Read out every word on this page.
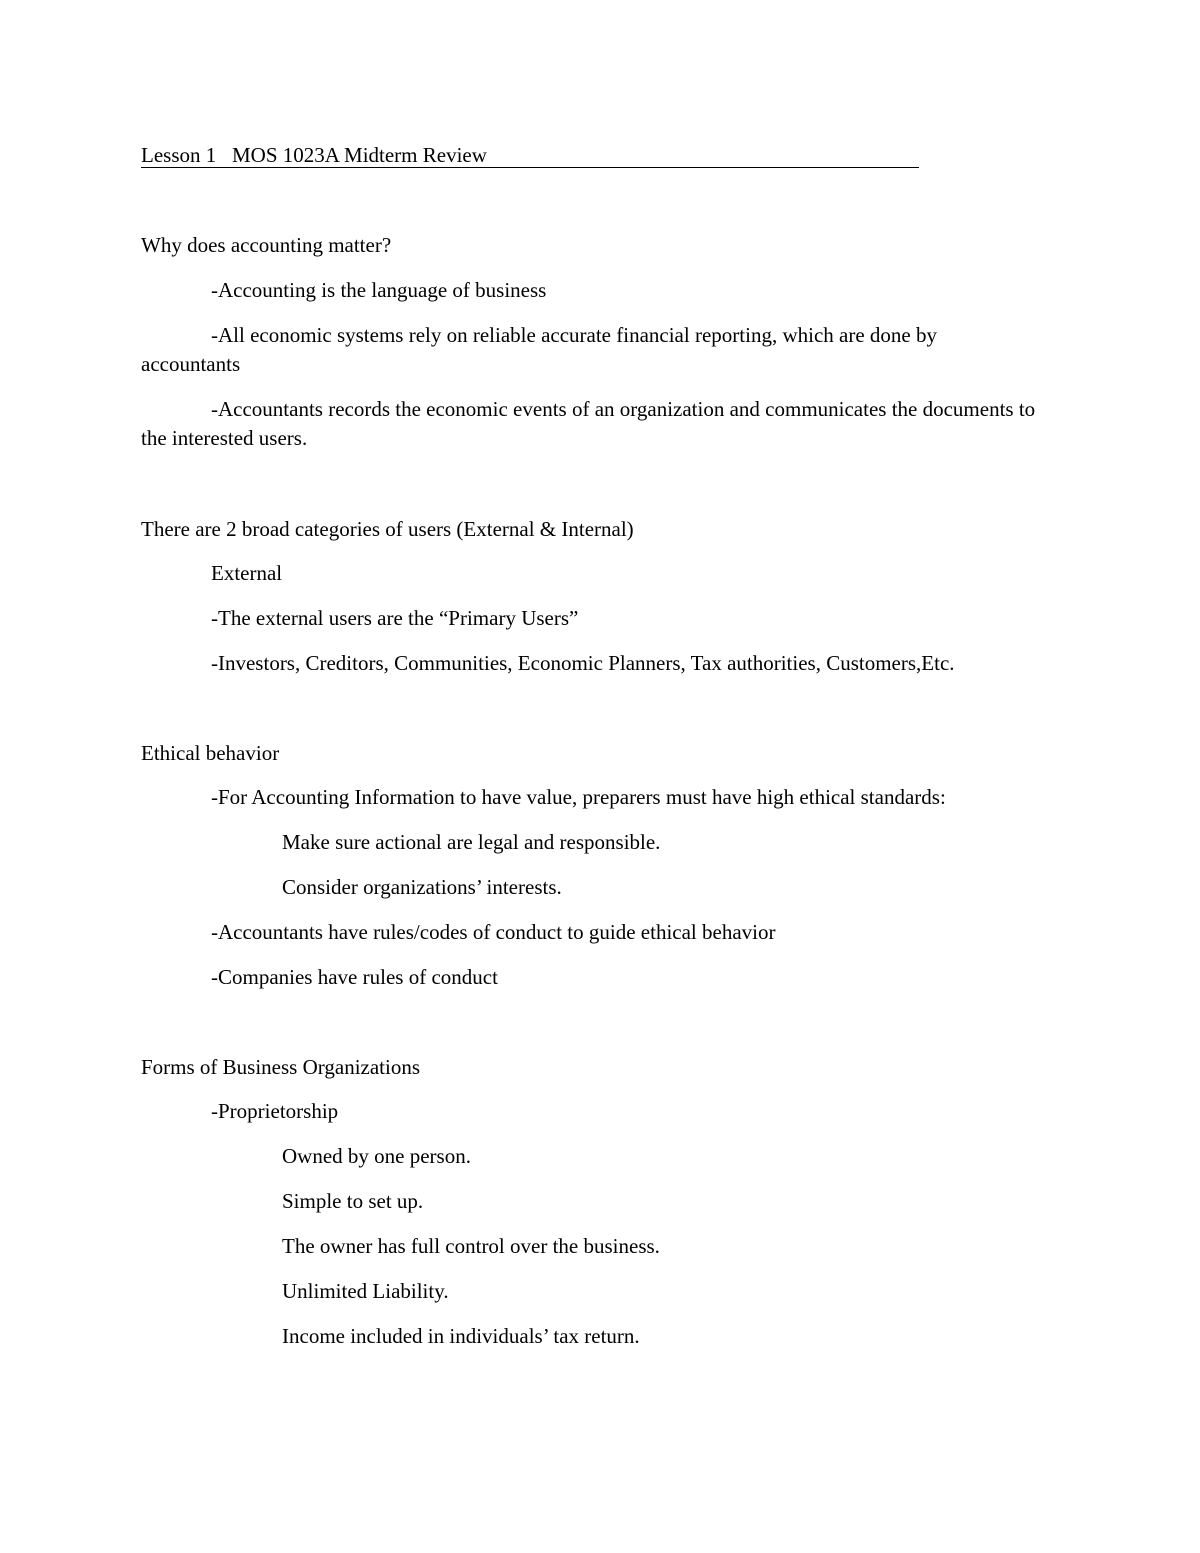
Lesson 1   MOS 1023A Midterm Review
Why does accounting matter?
-Accounting is the language of business
-All economic systems rely on reliable accurate financial reporting, which are done by accountants
-Accountants records the economic events of an organization and communicates the documents to the interested users.
There are 2 broad categories of users (External & Internal)
External
-The external users are the “Primary Users”
-Investors, Creditors, Communities, Economic Planners, Tax authorities, Customers,Etc.
Ethical behavior
-For Accounting Information to have value, preparers must have high ethical standards:
Make sure actional are legal and responsible.
Consider organizations’ interests.
-Accountants have rules/codes of conduct to guide ethical behavior
-Companies have rules of conduct
Forms of Business Organizations
-Proprietorship
Owned by one person.
Simple to set up.
The owner has full control over the business.
Unlimited Liability.
Income included in individuals’ tax return.
